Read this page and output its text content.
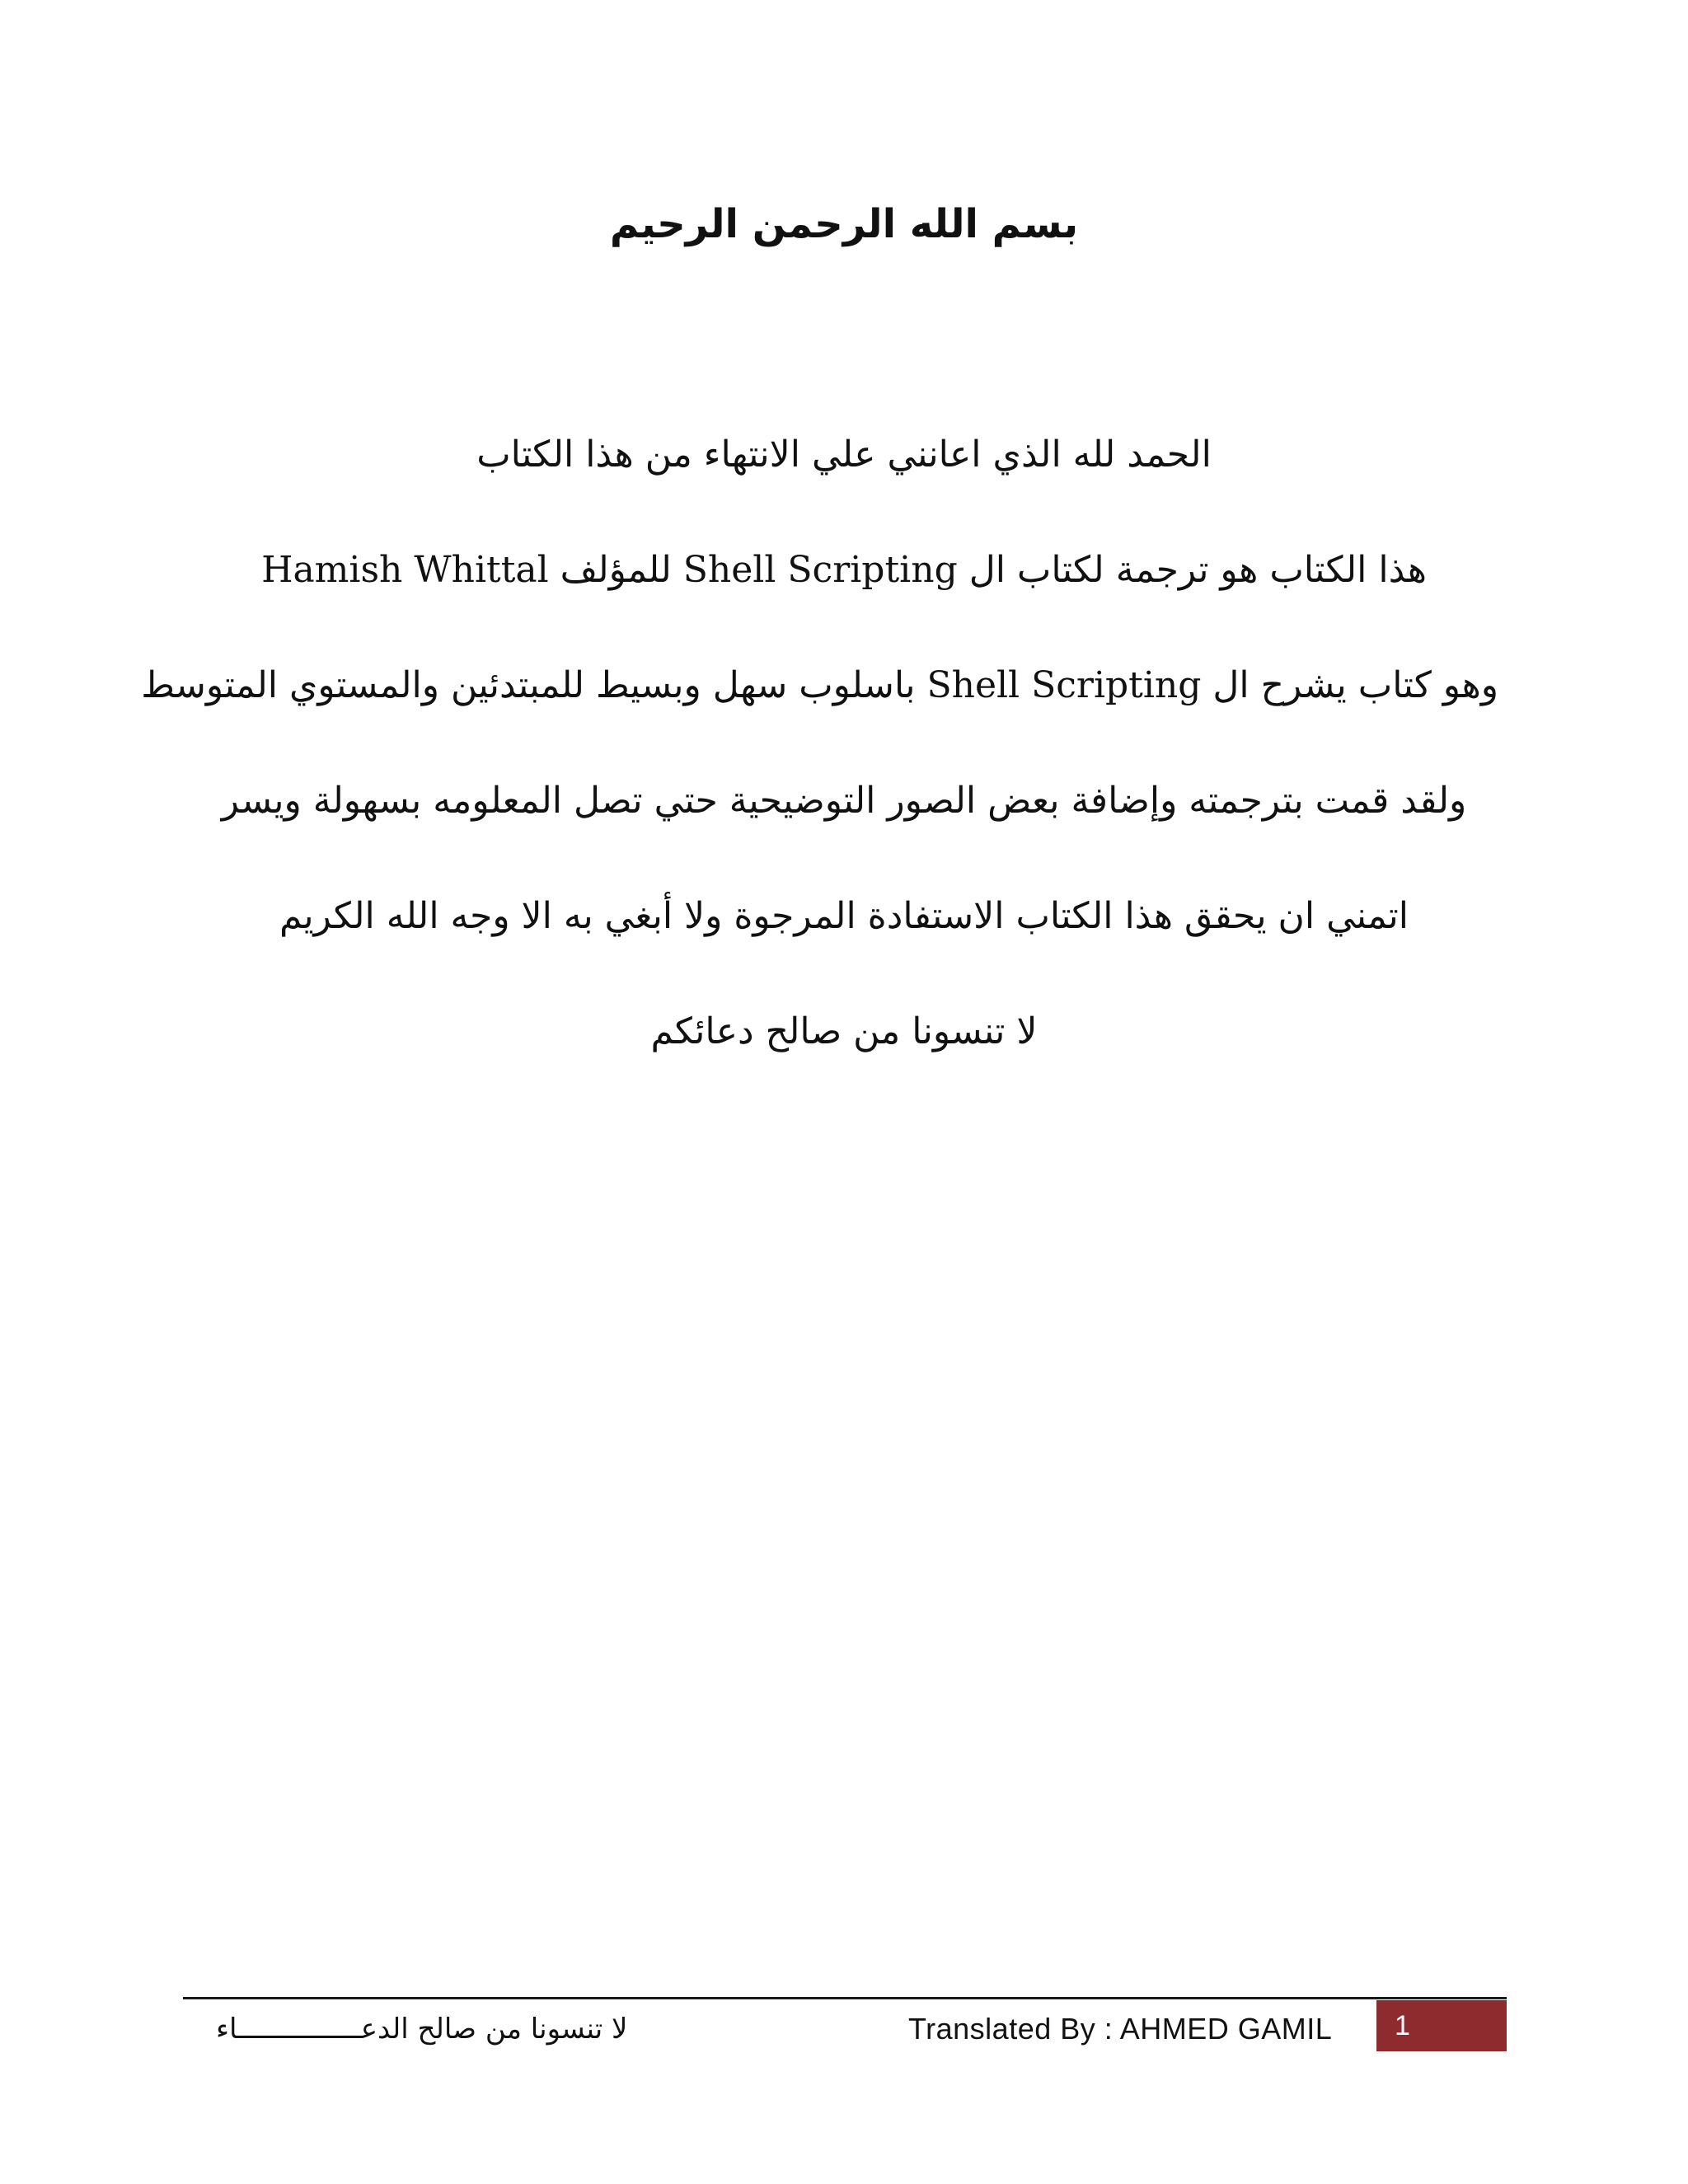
بسم الله الرحمن الرحيم
الحمد لله الذي اعانني علي الانتهاء من هذا الكتاب
هذا الكتاب هو ترجمة لكتاب ال Shell Scripting للمؤلف Hamish Whittal
وهو كتاب يشرح ال Shell Scripting باسلوب سهل وبسيط للمبتدئين والمستوي المتوسط
ولقد قمت بترجمته وإضافة بعض الصور التوضيحية حتي تصل المعلومه بسهولة ويسر
اتمني ان يحقق هذا الكتاب الاستفادة المرجوة ولا أبغي به الا وجه الله الكريم
لا تنسونا من صالح دعائكم
لا تنسونا من صالح الدعـــــــــــــــاء	Translated By : AHMED GAMIL	1
